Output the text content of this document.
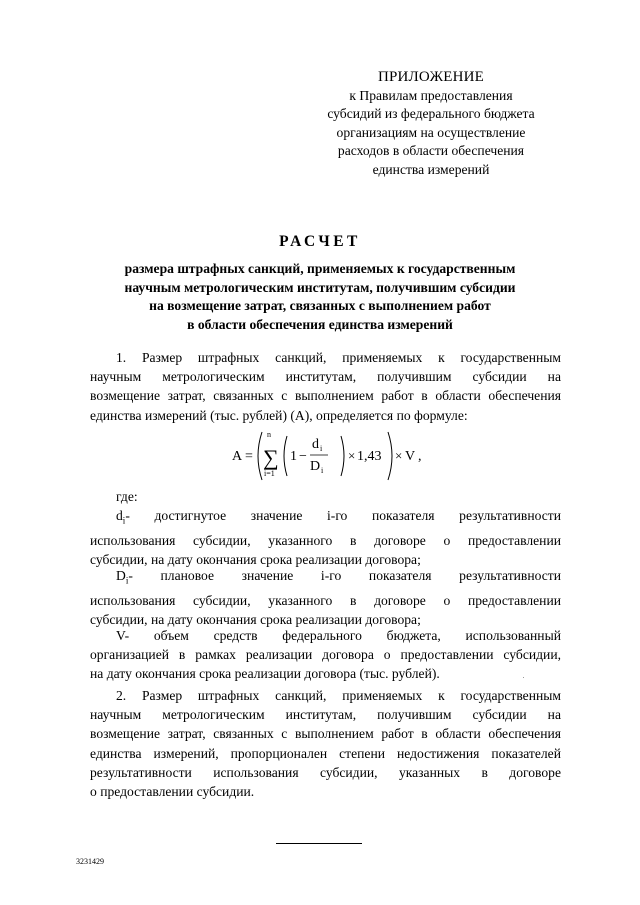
ПРИЛОЖЕНИЕ
к Правилам предоставления
субсидий из федерального бюджета
организациям на осуществление
расходов в области обеспечения
единства измерений
РАСЧЕТ
размера штрафных санкций, применяемых к государственным
научным метрологическим институтам, получившим субсидии
на возмещение затрат, связанных с выполнением работ
в области обеспечения единства измерений
1. Размер штрафных санкций, применяемых к государственным
научным метрологическим институтам, получившим субсидии на
возмещение затрат, связанных с выполнением работ в области обеспечения
единства измерений (тыс. рублей) (А), определяется по формуле:
A =
n
∑
i=1
1 −
d i
D i
× 1,43 × V ,
где:
$d_i-$ достигнутое значение i-го показателя результативности
использования субсидии, указанного в договоре о предоставлении
субсидии, на дату окончания срока реализации договора;
$D_i-$ плановое значение i-го показателя результативности
использования субсидии, указанного в договоре о предоставлении
субсидии, на дату окончания срока реализации договора;
V- объем средств федерального бюджета, использованный
организацией в рамках реализации договора о предоставлении субсидии,
на дату окончания срока реализации договора (тыс. рублей).
2. Размер штрафных санкций, применяемых к государственным
научным метрологическим институтам, получившим субсидии на
возмещение затрат, связанных с выполнением работ в области обеспечения
единства измерений, пропорционален степени недостижения показателей
результативности использования субсидии, указанных в договоре
о предоставлении субсидии.
3231429
